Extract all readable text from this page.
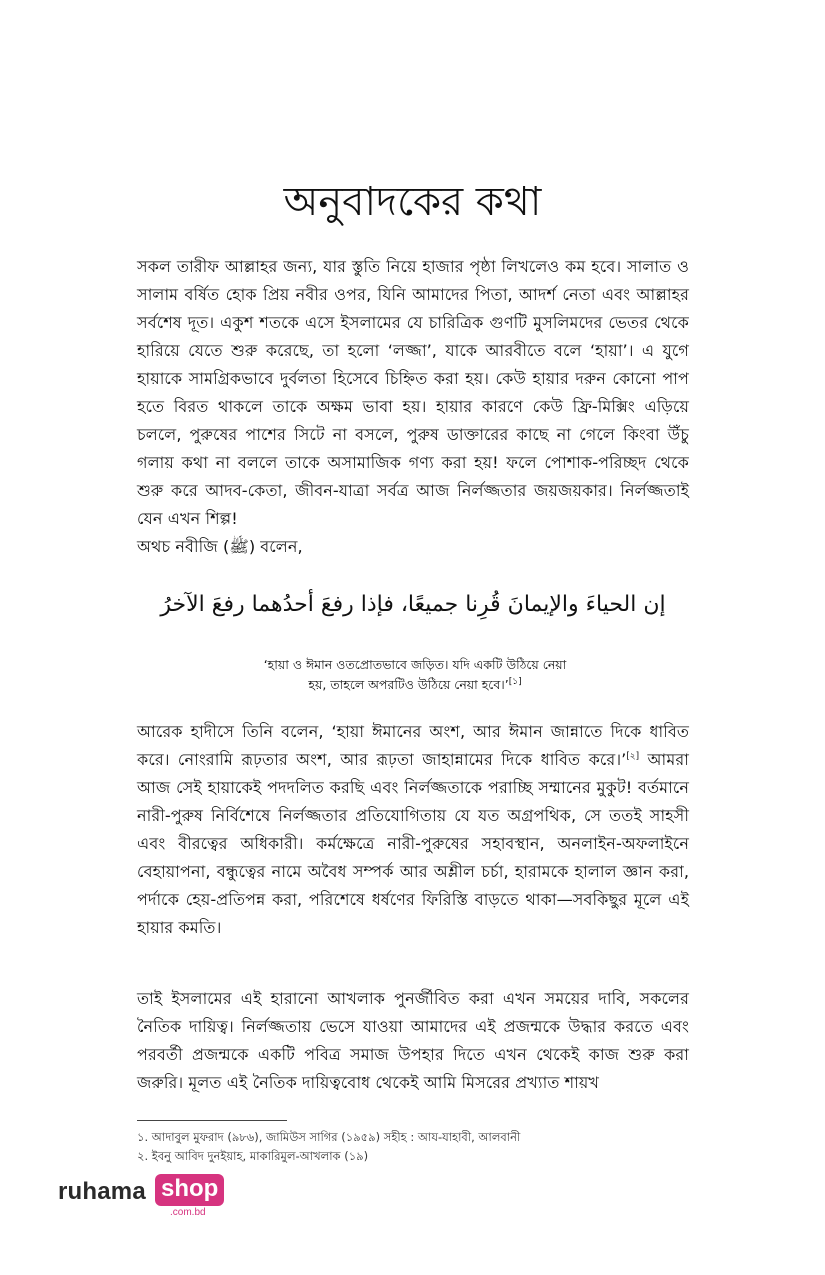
অনুবাদকের কথা
সকল তারীফ আল্লাহর জন্য, যার স্তুতি নিয়ে হাজার পৃষ্ঠা লিখলেও কম হবে। সালাত ও সালাম বর্ষিত হোক প্রিয় নবীর ওপর, যিনি আমাদের পিতা, আদর্শ নেতা এবং আল্লাহর সর্বশেষ দূত। একুশ শতকে এসে ইসলামের যে চারিত্রিক গুণটি মুসলিমদের ভেতর থেকে হারিয়ে যেতে শুরু করেছে, তা হলো ‘লজ্জা’, যাকে আরবীতে বলে ‘হায়া’। এ যুগে হায়াকে সামগ্রিকভাবে দুর্বলতা হিসেবে চিহ্নিত করা হয়। কেউ হায়ার দরুন কোনো পাপ হতে বিরত থাকলে তাকে অক্ষম ভাবা হয়। হায়ার কারণে কেউ ফ্রি-মিক্সিং এড়িয়ে চললে, পুরুষের পাশের সিটে না বসলে, পুরুষ ডাক্তারের কাছে না গেলে কিংবা উঁচু গলায় কথা না বললে তাকে অসামাজিক গণ্য করা হয়! ফলে পোশাক-পরিচ্ছদ থেকে শুরু করে আদব-কেতা, জীবন-যাত্রা সর্বত্র আজ নির্লজ্জতার জয়জয়কার। নির্লজ্জতাই যেন এখন শিল্প!
অথচ নবীজি (ﷺ) বলেন,

إن الحياءَ والإيمانَ قُرِنا جميعًا، فإذا رفعَ أحدُهما رفعَ الآخرُ

‘হায়া ও ঈমান ওতপ্রোতভাবে জড়িত। যদি একটি উঠিয়ে নেয়া হয়, তাহলে অপরটিও উঠিয়ে নেয়া হবে।’[১]

আরেক হাদীসে তিনি বলেন, ‘হায়া ঈমানের অংশ, আর ঈমান জান্নাতে দিকে ধাবিত করে। নোংরামি রূঢ়তার অংশ, আর রূঢ়তা জাহান্নামের দিকে ধাবিত করে।’[২] আমরা আজ সেই হায়াকেই পদদলিত করছি এবং নির্লজ্জতাকে পরাচ্ছি সম্মানের মুকুট! বর্তমানে নারী-পুরুষ নির্বিশেষে নির্লজ্জতার প্রতিযোগিতায় যে যত অগ্রপথিক, সে ততই সাহসী এবং বীরত্বের অধিকারী। কর্মক্ষেত্রে নারী-পুরুষের সহাবস্থান, অনলাইন-অফলাইনে বেহায়াপনা, বন্ধুত্বের নামে অবৈধ সম্পর্ক আর অশ্লীল চর্চা, হারামকে হালাল জ্ঞান করা, পর্দাকে হেয়-প্রতিপন্ন করা, পরিশেষে ধর্ষণের ফিরিস্তি বাড়তে থাকা—সবকিছুর মূলে এই হায়ার কমতি।
তাই ইসলামের এই হারানো আখলাক পুনর্জীবিত করা এখন সময়ের দাবি, সকলের নৈতিক দায়িত্ব। নির্লজ্জতায় ভেসে যাওয়া আমাদের এই প্রজন্মকে উদ্ধার করতে এবং পরবর্তী প্রজন্মকে একটি পবিত্র সমাজ উপহার দিতে এখন থেকেই কাজ শুরু করা জরুরি। মূলত এই নৈতিক দায়িত্ববোধ থেকেই আমি মিসরের প্রখ্যাত শায়খ
১. আদাবুল মুফরাদ (৯৮৬), জামিউস সাগির (১৯৫৯) সহীহ : আয-যাহাবী, আলবানী
২. ইবনু আবিদ দুনইয়াহ, মাকারিমুল-আখলাক (১৯)
ruhama shop
.com.bd
